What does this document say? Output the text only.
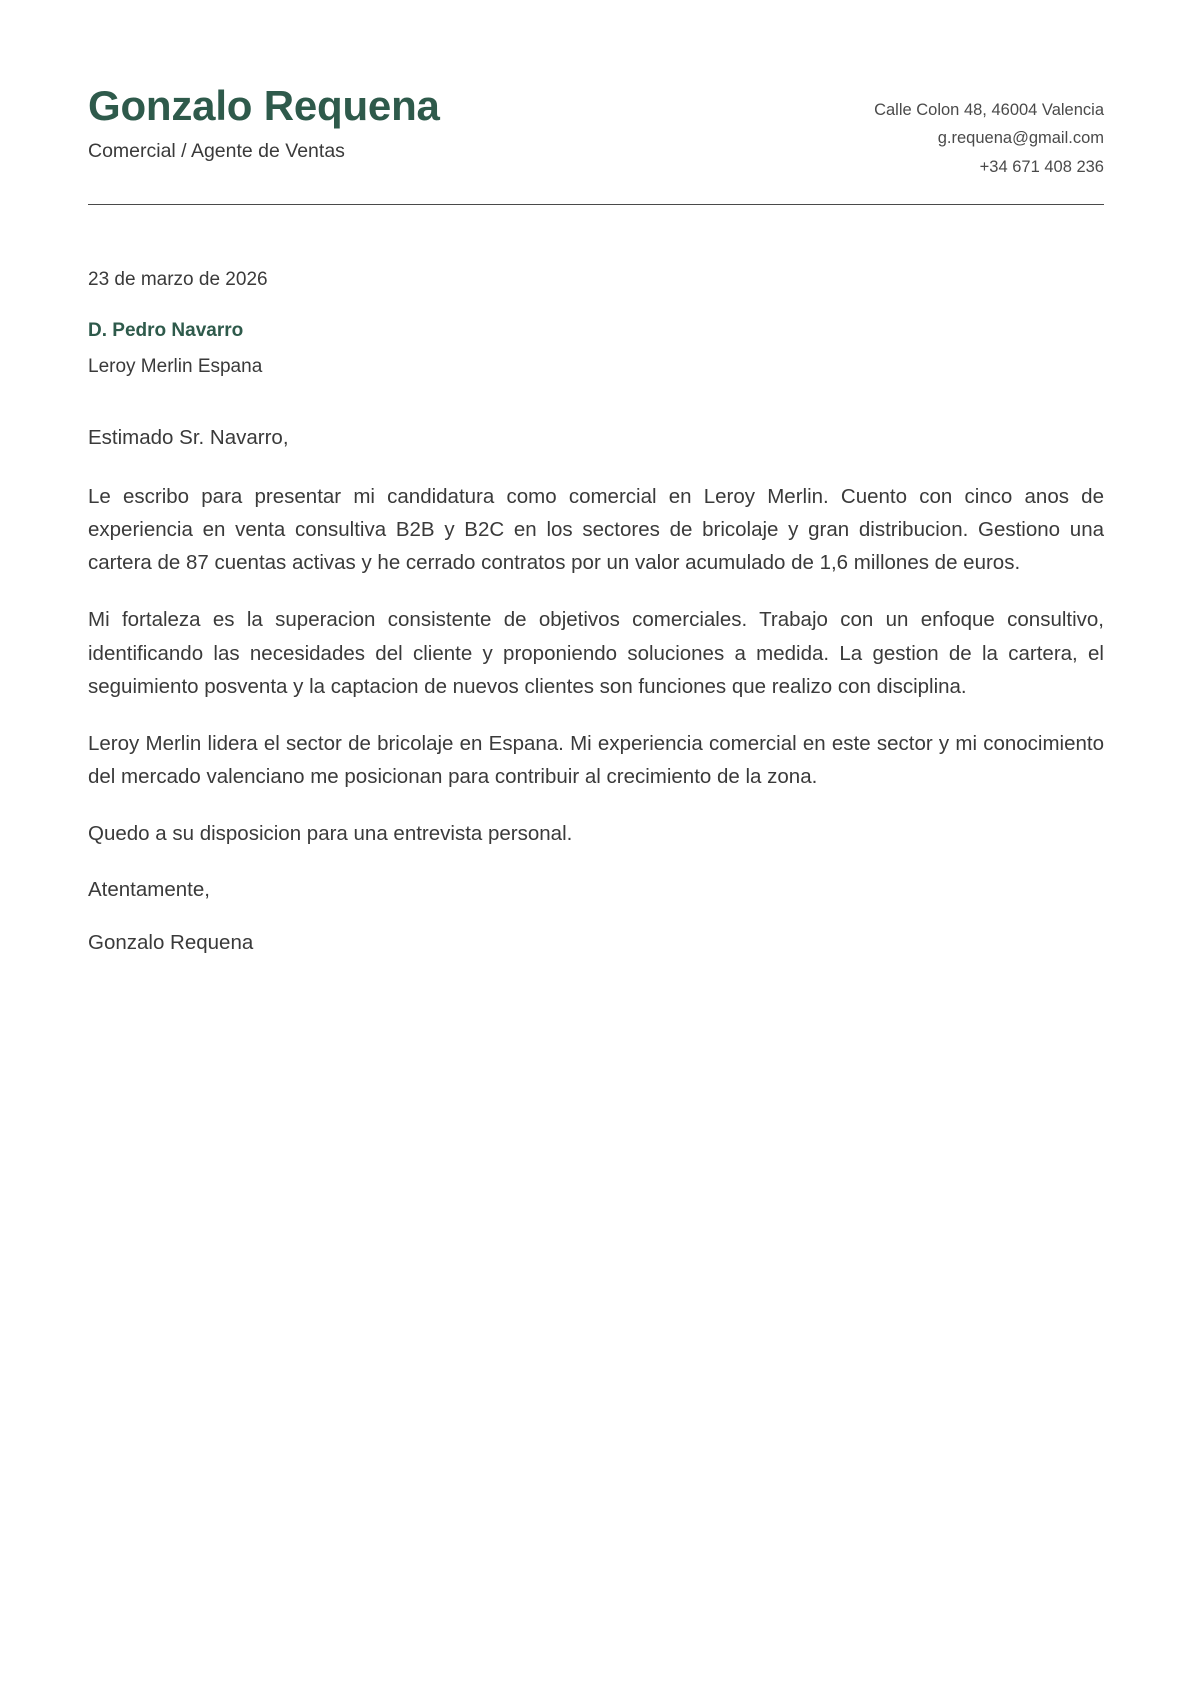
Gonzalo Requena

Comercial / Agente de Ventas

Calle Colon 48, 46004 Valencia
g.requena@gmail.com
+34 671 408 236
23 de marzo de 2026
D. Pedro Navarro
Leroy Merlin Espana

Estimado Sr. Navarro,

Le escribo para presentar mi candidatura como comercial en Leroy Merlin. Cuento con cinco anos de experiencia en venta consultiva B2B y B2C en los sectores de bricolaje y gran distribucion. Gestiono una cartera de 87 cuentas activas y he cerrado contratos por un valor acumulado de 1,6 millones de euros.

Mi fortaleza es la superacion consistente de objetivos comerciales. Trabajo con un enfoque consultivo, identificando las necesidades del cliente y proponiendo soluciones a medida. La gestion de la cartera, el seguimiento posventa y la captacion de nuevos clientes son funciones que realizo con disciplina.

Leroy Merlin lidera el sector de bricolaje en Espana. Mi experiencia comercial en este sector y mi conocimiento del mercado valenciano me posicionan para contribuir al crecimiento de la zona.

Quedo a su disposicion para una entrevista personal.

Atentamente,

Gonzalo Requena
